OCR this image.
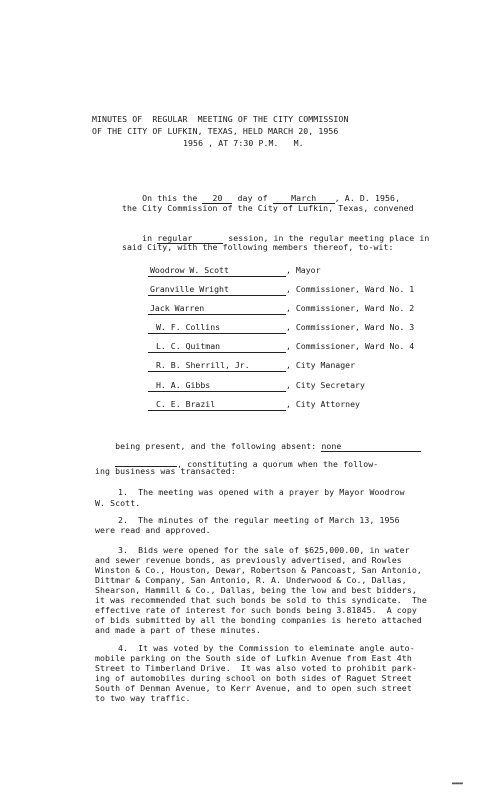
MINUTES OF  REGULAR  MEETING OF THE CITY COMMISSION
OF THE CITY OF LUFKIN, TEXAS, HELD MARCH 20, 1956
1956 , AT 7:30 P.M.   M.

On this the 20 day of	March , A. D. 1956,

the City Commission of the City of Lufkin, Texas, convened

in regular	session, in the regular meeting place in

said City, with the following members thereof, to-wit:
Woodrow W. Scott	, Mayor
Granville Wright	, Commissioner, Ward No. 1
Jack Warren	, Commissioner, Ward No. 2
W. F. Collins	, Commissioner, Ward No. 3
L. C. Quitman	, Commissioner, Ward No. 4
R. B. Sherrill, Jr.	, City Manager
H. A. Gibbs	, City Secretary
C. E. Brazil	, City Attorney

being present, and the following absent: none

, constituting a quorum when the follow-

ing business was transacted:
1.  The meeting was opened with a prayer by Mayor Woodrow
W. Scott.
2.  The minutes of the regular meeting of March 13, 1956
were read and approved.
3.  Bids were opened for the sale of $625,000.00, in water
and sewer revenue bonds, as previously advertised, and Rowles
Winston & Co., Houston, Dewar, Robertson & Pancoast, San Antonio,
Dittmar & Company, San Antonio, R. A. Underwood & Co., Dallas,
Shearson, Hammill & Co., Dallas, being the low and best bidders,
it was recommended that such bonds be sold to this syndicate.  The
effective rate of interest for such bonds being 3.81845.  A copy
of bids submitted by all the bonding companies is hereto attached
and made a part of these minutes.
4.  It was voted by the Commission to eleminate angle auto-
mobile parking on the South side of Lufkin Avenue from East 4th
Street to Timberland Drive.  It was also voted to prohibit park-
ing of automobiles during school on both sides of Raguet Street
South of Denman Avenue, to Kerr Avenue, and to open such street
to two way traffic.
▬▬▬
